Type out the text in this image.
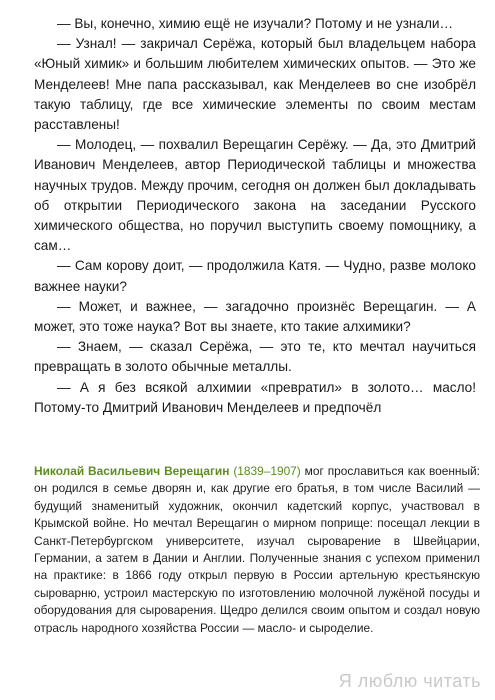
— Вы, конечно, химию ещё не изучали? Потому и не узнали…

— Узнал! — закричал Серёжа, который был владельцем набора «Юный химик» и большим любителем химических опытов. — Это же Менделеев! Мне папа рассказывал, как Менделеев во сне изобрёл такую таблицу, где все химические элементы по своим местам расставлены!

— Молодец, — похвалил Верещагин Серёжу. — Да, это Дмитрий Иванович Менделеев, автор Периодической таблицы и множества научных трудов. Между прочим, сегодня он должен был докладывать об открытии Периодического закона на заседании Русского химического общества, но поручил выступить своему помощнику, а сам…

— Сам корову доит, — продолжила Катя. — Чудно, разве молоко важнее науки?

— Может, и важнее, — загадочно произнёс Верещагин. — А может, это тоже наука? Вот вы знаете, кто такие алхимики?

— Знаем, — сказал Серёжа, — это те, кто мечтал научиться превращать в золото обычные металлы.

— А я без всякой алхимии «превратил» в золото… масло! Потому-то Дмитрий Иванович Менделеев и предпочёл

Николай Васильевич Верещагин (1839–1907) мог прославиться как военный: он родился в семье дворян и, как другие его братья, в том числе Василий — будущий знаменитый художник, окончил кадетский корпус, участвовал в Крымской войне. Но мечтал Верещагин о мирном поприще: посещал лекции в Санкт-Петербургском университете, изучал сыроварение в Швейцарии, Германии, а затем в Дании и Англии. Полученные знания с успехом применил на практике: в 1866 году открыл первую в России артельную крестьянскую сыроварню, устроил мастерскую по изготовлению молочной лужёной посуды и оборудования для сыроварения. Щедро делился своим опытом и создал новую отрасль народного хозяйства России — масло- и сыроделие.
Я люблю читать
